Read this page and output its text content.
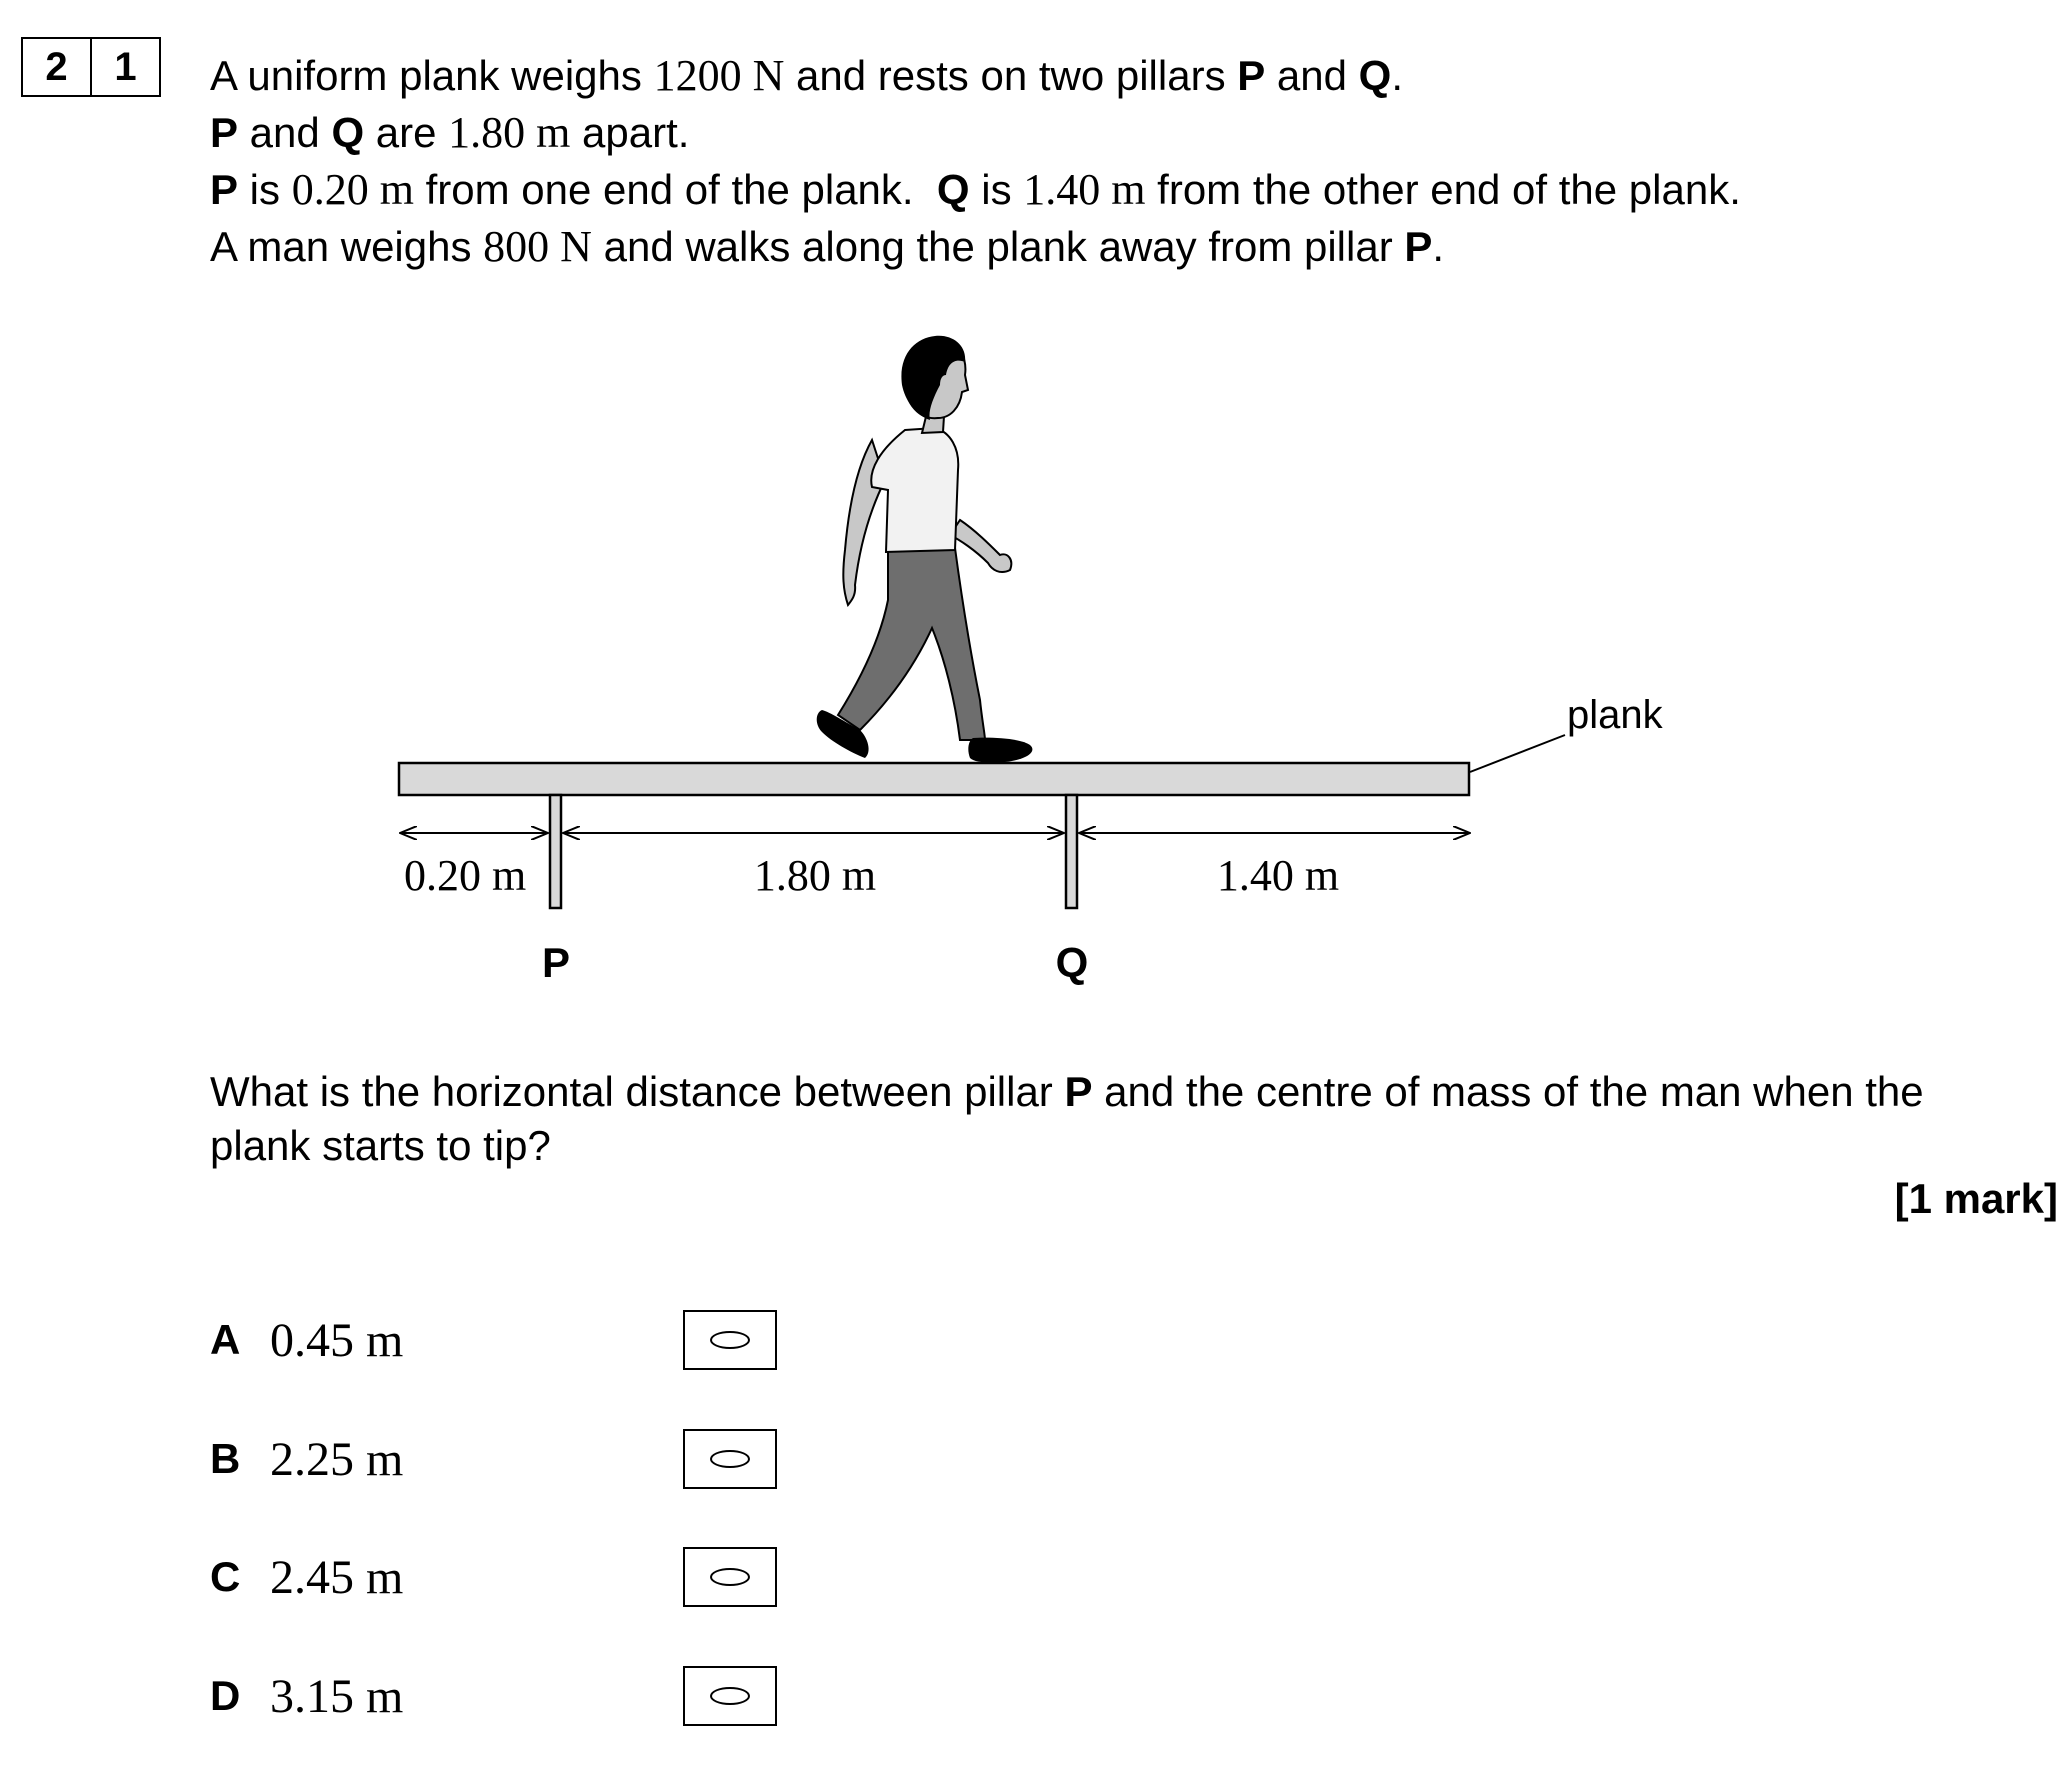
2	1	A uniform plank weighs 1200 N and rests on two pillars P and Q.
P and Q are 1.80 m apart.
P is 0.20 m from one end of the plank.  Q is 1.40 m from the other end of the plank.
A man weighs 800 N and walks along the plank away from pillar P.
plank
0.20 m	1.80 m	1.40 m
P	Q
What is the horizontal distance between pillar P and the centre of mass of the man when the plank starts to tip?
[1 mark]
A 0.45 m
B 2.25 m
C 2.45 m
D 3.15 m
